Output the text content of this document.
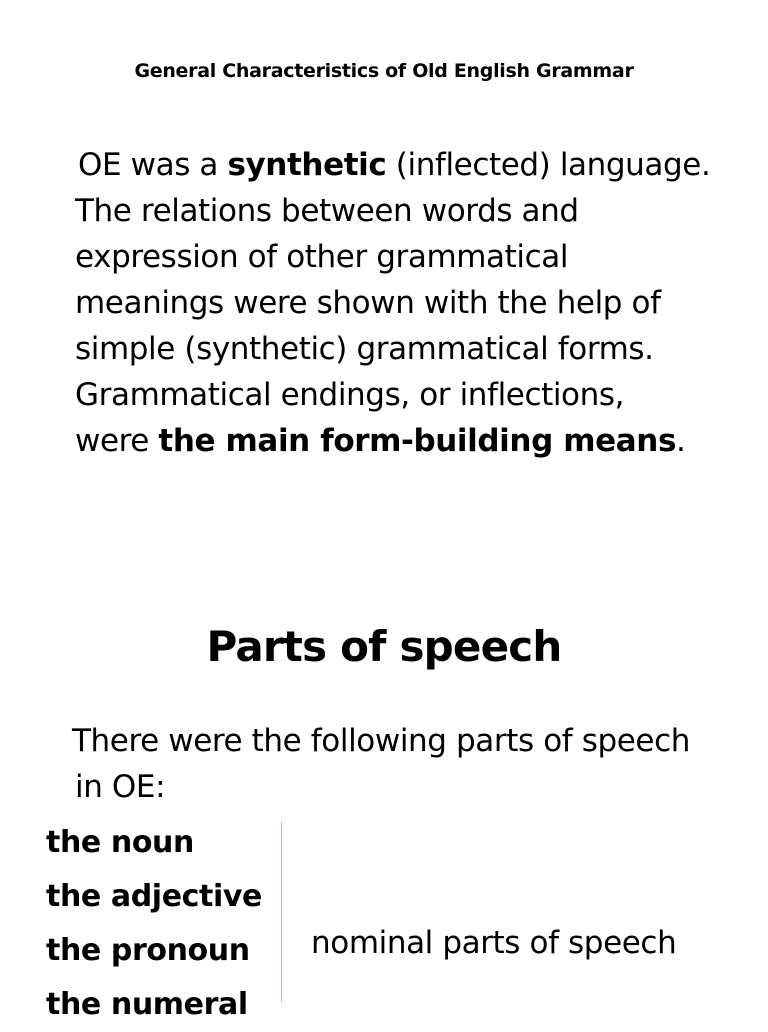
General Characteristics of Old English Grammar
OE was a synthetic (inflected) language.
The relations between words and
expression of other grammatical
meanings were shown with the help of
simple (synthetic) grammatical forms.
Grammatical endings, or inflections,
were the main form-building means.
Parts of speech
There were the following parts of speech
in OE:
the noun
the adjective
the pronoun
the numeral
nominal parts of speech
